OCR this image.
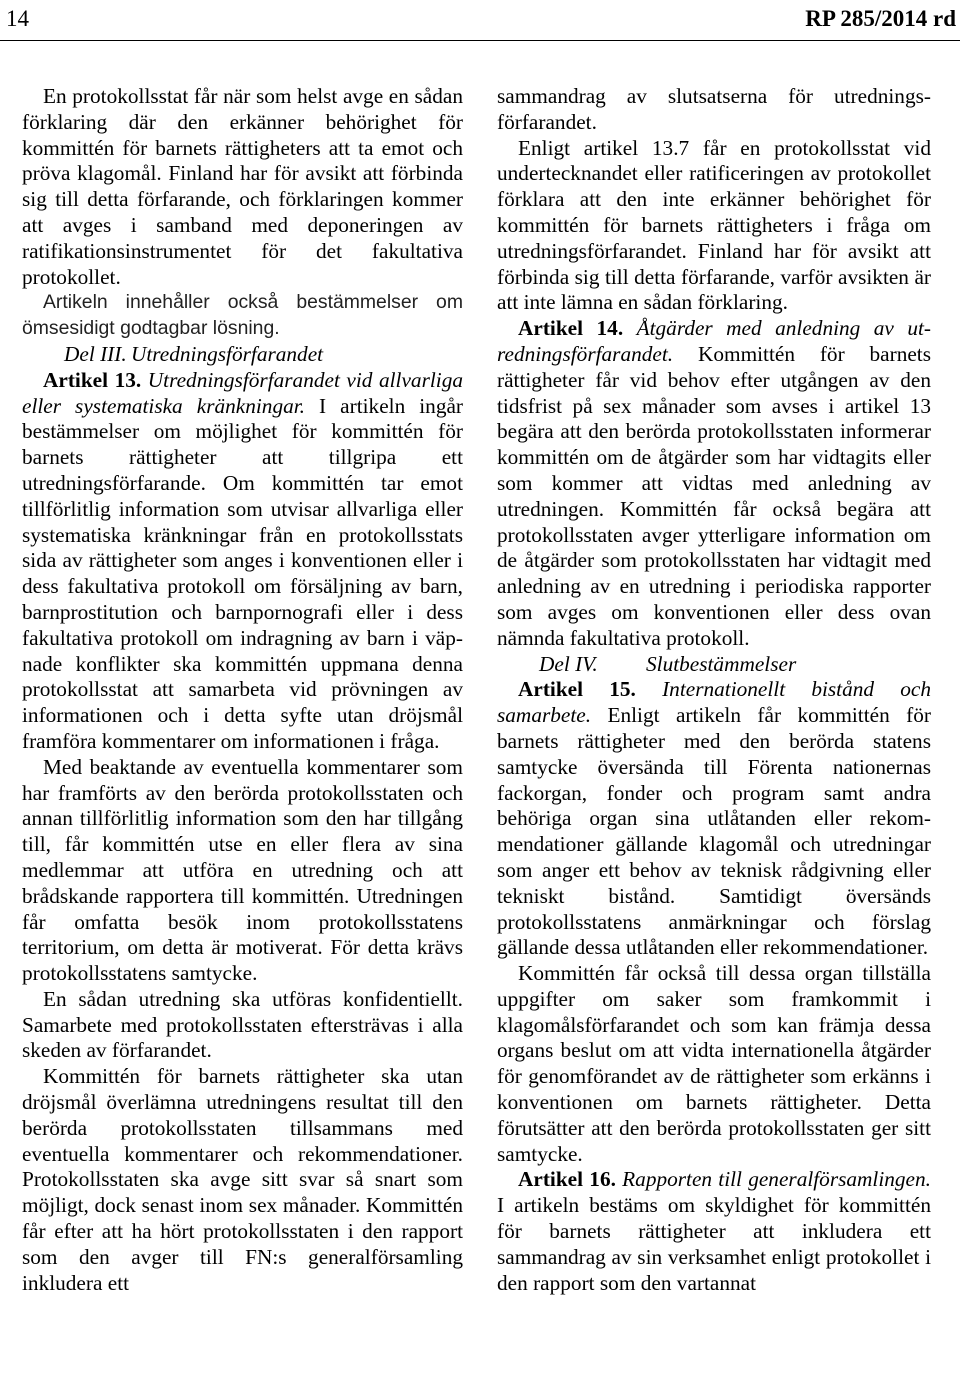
14	RP 285/2014 rd

En protokollsstat får när som helst avge en sådan förklaring där den erkänner behörighet för kommittén för barnets rättigheters att ta emot och pröva klagomål. Finland har för avsikt att förbinda sig till detta förfarande, och förklaringen kommer att avges i samband med deponeringen av ratifikationsinstrumentet för det fakultativa protokollet.

Artikeln innehåller också bestämmelser om ömsesidigt godtagbar lösning.

Del III. Utredningsförfarandet

Artikel 13. Utredningsförfarandet vid allvarliga eller systematiska kränkningar. I artikeln ingår bestämmelser om möjlighet för kommittén för barnets rättigheter att tillgripa ett utredningsförfarande. Om kommittén tar emot tillförlitlig information som utvisar allvarliga eller systematiska kränkningar från en protokollsstats sida av rättigheter som anges i konventionen eller i dess fakultativa protokoll om försäljning av barn, barnprostitution och barnpornografi eller i dess fakultativa protokoll om indragning av barn i väpnade konflikter ska kommittén uppmana denna protokollsstat att samarbeta vid prövningen av informationen och i detta syfte utan dröjsmål framföra kommentarer om informationen i fråga.

Med beaktande av eventuella kommentarer som har framförts av den berörda protokollsstaten och annan tillförlitlig information som den har tillgång till, får kommittén utse en eller flera av sina medlemmar att utföra en utredning och att brådskande rapportera till kommittén. Utredningen får omfatta besök inom protokollsstatens territorium, om detta är motiverat. För detta krävs protokollsstatens samtycke.

En sådan utredning ska utföras konfidentiellt. Samarbete med protokollsstaten eftersträvas i alla skeden av förfarandet.

Kommittén för barnets rättigheter ska utan dröjsmål överlämna utredningens resultat till den berörda protokollsstaten tillsammans med eventuella kommentarer och rekommendationer. Protokollsstaten ska avge sitt svar så snart som möjligt, dock senast inom sex månader. Kommittén får efter att ha hört protokollsstaten i den rapport som den avger till FN:s generalförsamling inkludera ett

sammandrag av slutsatserna för utredningsförfarandet.

Enligt artikel 13.7 får en protokollsstat vid undertecknandet eller ratificeringen av protokollet förklara att den inte erkänner behörighet för kommittén för barnets rättigheters i fråga om utredningsförfarandet. Finland har för avsikt att förbinda sig till detta förfarande, varför avsikten är att inte lämna en sådan förklaring.

Artikel 14. Åtgärder med anledning av utredningsförfarandet. Kommittén för barnets rättigheter får vid behov efter utgången av den tidsfrist på sex månader som avses i artikel 13 begära att den berörda protokollsstaten informerar kommittén om de åtgärder som har vidtagits eller som kommer att vidtas med anledning av utredningen. Kommittén får också begära att protokollsstaten avger ytterligare information om de åtgärder som protokollsstaten har vidtagit med anledning av en utredning i periodiska rapporter som avges om konventionen eller dess ovan nämnda fakultativa protokoll.

Del IV. Slutbestämmelser

Artikel 15. Internationellt bistånd och samarbete. Enligt artikeln får kommittén för barnets rättigheter med den berörda statens samtycke översända till Förenta nationernas fackorgan, fonder och program samt andra behöriga organ sina utlåtanden eller rekommendationer gällande klagomål och utredningar som anger ett behov av teknisk rådgivning eller tekniskt bistånd. Samtidigt översänds protokollsstatens anmärkningar och förslag gällande dessa utlåtanden eller rekommendationer.

Kommittén får också till dessa organ tillställa uppgifter om saker som framkommit i klagomålsförfarandet och som kan främja dessa organs beslut om att vidta internationella åtgärder för genomförandet av de rättigheter som erkänns i konventionen om barnets rättigheter. Detta förutsätter att den berörda protokollsstaten ger sitt samtycke.

Artikel 16. Rapporten till generalförsamlingen. I artikeln bestäms om skyldighet för kommittén för barnets rättigheter att inkludera ett sammandrag av sin verksamhet enligt protokollet i den rapport som den vartannat
